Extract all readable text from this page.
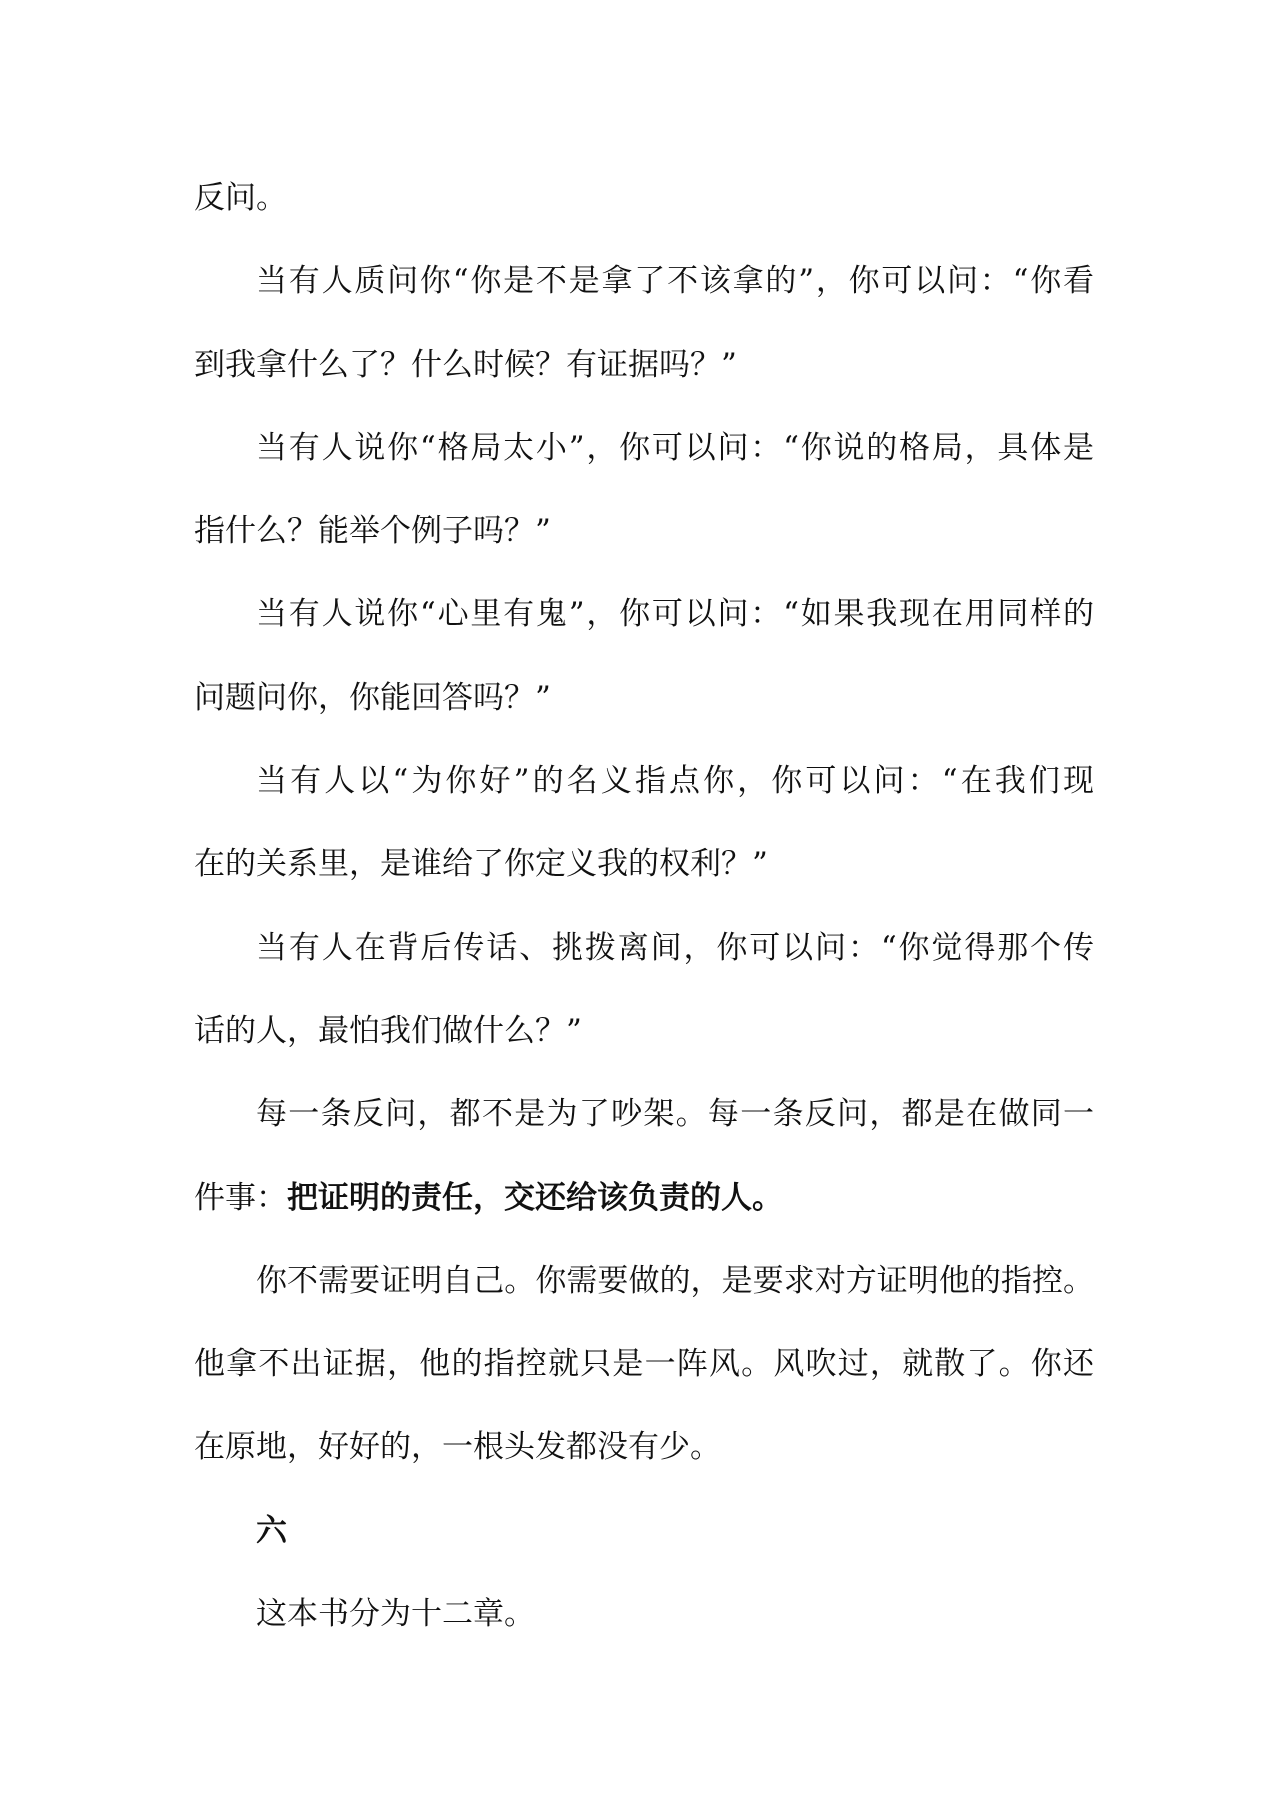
反问。
当有人质问你“你是不是拿了不该拿的”，你可以问：“你看
到我拿什么了？什么时候？有证据吗？”
当有人说你“格局太小”，你可以问：“你说的格局，具体是
指什么？能举个例子吗？”
当有人说你“心里有鬼”，你可以问：“如果我现在用同样的
问题问你，你能回答吗？”
当有人以“为你好”的名义指点你，你可以问：“在我们现
在的关系里，是谁给了你定义我的权利？”
当有人在背后传话、挑拨离间，你可以问：“你觉得那个传
话的人，最怕我们做什么？”
每一条反问，都不是为了吵架。每一条反问，都是在做同一
件事：把证明的责任，交还给该负责的人。
你不需要证明自己。你需要做的，是要求对方证明他的指控。
他拿不出证据，他的指控就只是一阵风。风吹过，就散了。你还
在原地，好好的，一根头发都没有少。
六
这本书分为十二章。
